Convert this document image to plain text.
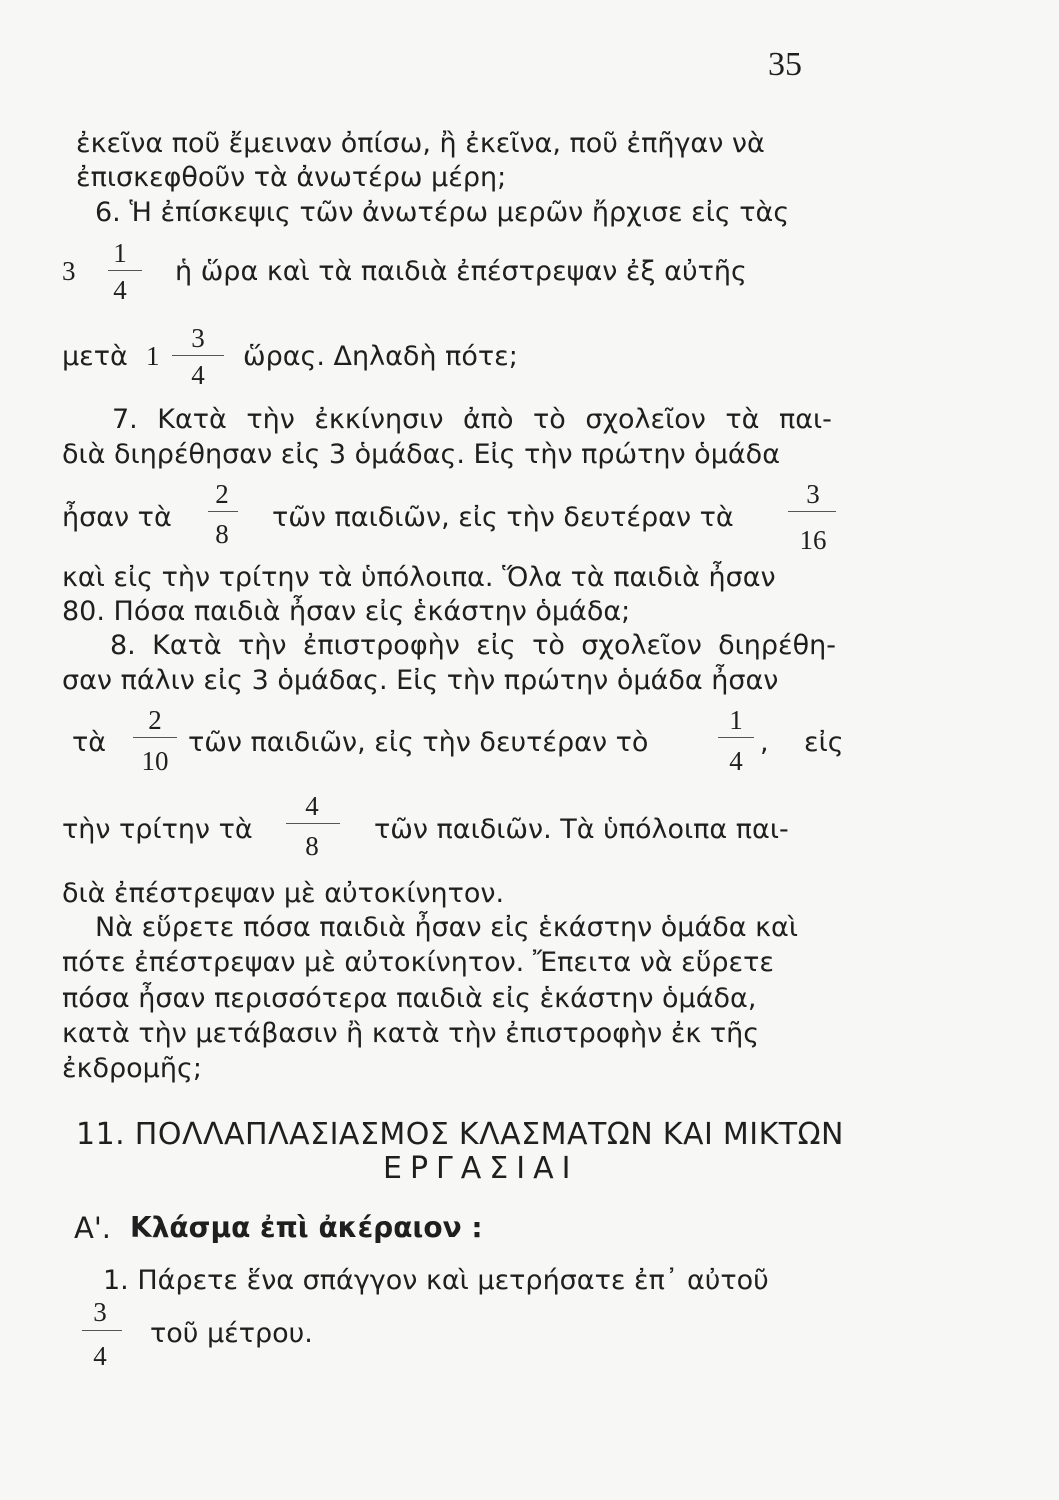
35
ἐκεῖνα ποῦ ἔμειναν ὀπίσω, ἢ ἐκεῖνα, ποῦ ἐπῆγαν νὰ
ἐπισκεφθοῦν τὰ ἀνωτέρω μέρη;
6. Ἡ ἐπίσκεψις τῶν ἀνωτέρω μερῶν ἤρχισε εἰς τὰς
3
1
4
ἡ ὥρα καὶ τὰ παιδιὰ ἐπέστρεψαν ἐξ αὐτῆς
μετὰ 1
3
4
ὥρας. Δηλαδὴ πότε;
7. Κατὰ τὴν ἐκκίνησιν ἀπὸ τὸ σχολεῖον τὰ παι-
διὰ διηρέθησαν εἰς 3 ὁμάδας. Εἰς τὴν πρώτην ὁμάδα
ἦσαν τὰ
2
8
τῶν παιδιῶν, εἰς τὴν δευτέραν τὰ
3
16
καὶ εἰς τὴν τρίτην τὰ ὑπόλοιπα. Ὅλα τὰ παιδιὰ ἦσαν
80. Πόσα παιδιὰ ἦσαν εἰς ἑκάστην ὁμάδα;
8. Κατὰ τὴν ἐπιστροφὴν εἰς τὸ σχολεῖον διηρέθη-
σαν πάλιν εἰς 3 ὁμάδας. Εἰς τὴν πρώτην ὁμάδα ἦσαν
τὰ
2
10
τῶν παιδιῶν, εἰς τὴν δευτέραν τὸ
1
4
, εἰς
τὴν τρίτην τὰ
4
8
τῶν παιδιῶν. Τὰ ὑπόλοιπα παι-
διὰ ἐπέστρεψαν μὲ αὐτοκίνητον.
Νὰ εὕρετε πόσα παιδιὰ ἦσαν εἰς ἑκάστην ὁμάδα καὶ
πότε ἐπέστρεψαν μὲ αὐτοκίνητον. Ἔπειτα νὰ εὕρετε
πόσα ἦσαν περισσότερα παιδιὰ εἰς ἑκάστην ὁμάδα,
κατὰ τὴν μετάβασιν ἢ κατὰ τὴν ἐπιστροφὴν ἐκ τῆς
ἐκδρομῆς;
11. ΠΟΛΛΑΠΛΑΣΙΑΣΜΟΣ ΚΛΑΣΜΑΤΩΝ ΚΑΙ ΜΙΚΤΩΝ
ΕΡΓΑΣΙΑΙ
Α'. Κλάσμα ἐπὶ ἀκέραιον :
1. Πάρετε ἕνα σπάγγον καὶ μετρήσατε ἐπ᾿ αὐτοῦ
3
4
τοῦ μέτρου.
